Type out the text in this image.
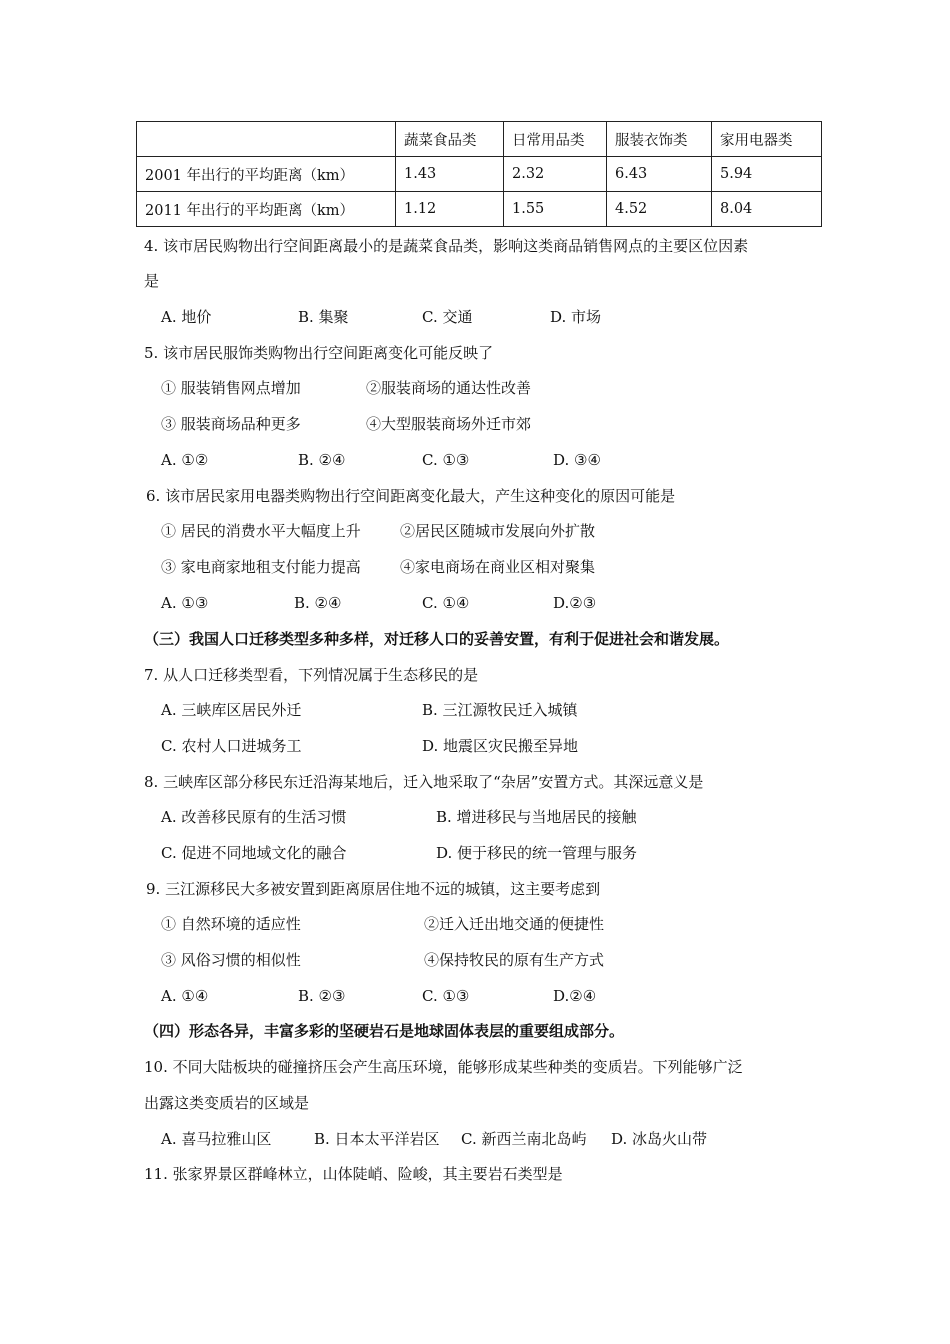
	蔬菜食品类	日常用品类	服装衣饰类	家用电器类
2001 年出行的平均距离（km）	1.43	2.32	6.43	5.94
2011 年出行的平均距离（km）	1.12	1.55	4.52	8.04
4. 该市居民购物出行空间距离最小的是蔬菜食品类，影响这类商品销售网点的主要区位因素
是
A. 地价	B. 集聚	C. 交通	D. 市场
5. 该市居民服饰类购物出行空间距离变化可能反映了
① 服装销售网点增加	②服装商场的通达性改善
③ 服装商场品种更多	④大型服装商场外迁市郊
A. ①②	B. ②④	C. ①③	D. ③④
6. 该市居民家用电器类购物出行空间距离变化最大，产生这种变化的原因可能是
① 居民的消费水平大幅度上升	②居民区随城市发展向外扩散
③ 家电商家地租支付能力提高	④家电商场在商业区相对聚集
A. ①③	B. ②④	C. ①④	D.②③
（三）我国人口迁移类型多种多样，对迁移人口的妥善安置，有利于促进社会和谐发展。
7. 从人口迁移类型看，下列情况属于生态移民的是
A. 三峡库区居民外迁	B. 三江源牧民迁入城镇
C. 农村人口进城务工	D. 地震区灾民搬至异地
8. 三峡库区部分移民东迁沿海某地后，迁入地采取了“杂居”安置方式。其深远意义是
A. 改善移民原有的生活习惯	B. 增进移民与当地居民的接触
C. 促进不同地域文化的融合	D. 便于移民的统一管理与服务
9. 三江源移民大多被安置到距离原居住地不远的城镇，这主要考虑到
① 自然环境的适应性	②迁入迁出地交通的便捷性
③ 风俗习惯的相似性	④保持牧民的原有生产方式
A. ①④	B. ②③	C. ①③	D.②④
（四）形态各异，丰富多彩的坚硬岩石是地球固体表层的重要组成部分。
10. 不同大陆板块的碰撞挤压会产生高压环境，能够形成某些种类的变质岩。下列能够广泛
出露这类变质岩的区域是
A. 喜马拉雅山区	B. 日本太平洋岩区 C. 新西兰南北岛屿 D. 冰岛火山带
11. 张家界景区群峰林立，山体陡峭、险峻，其主要岩石类型是
